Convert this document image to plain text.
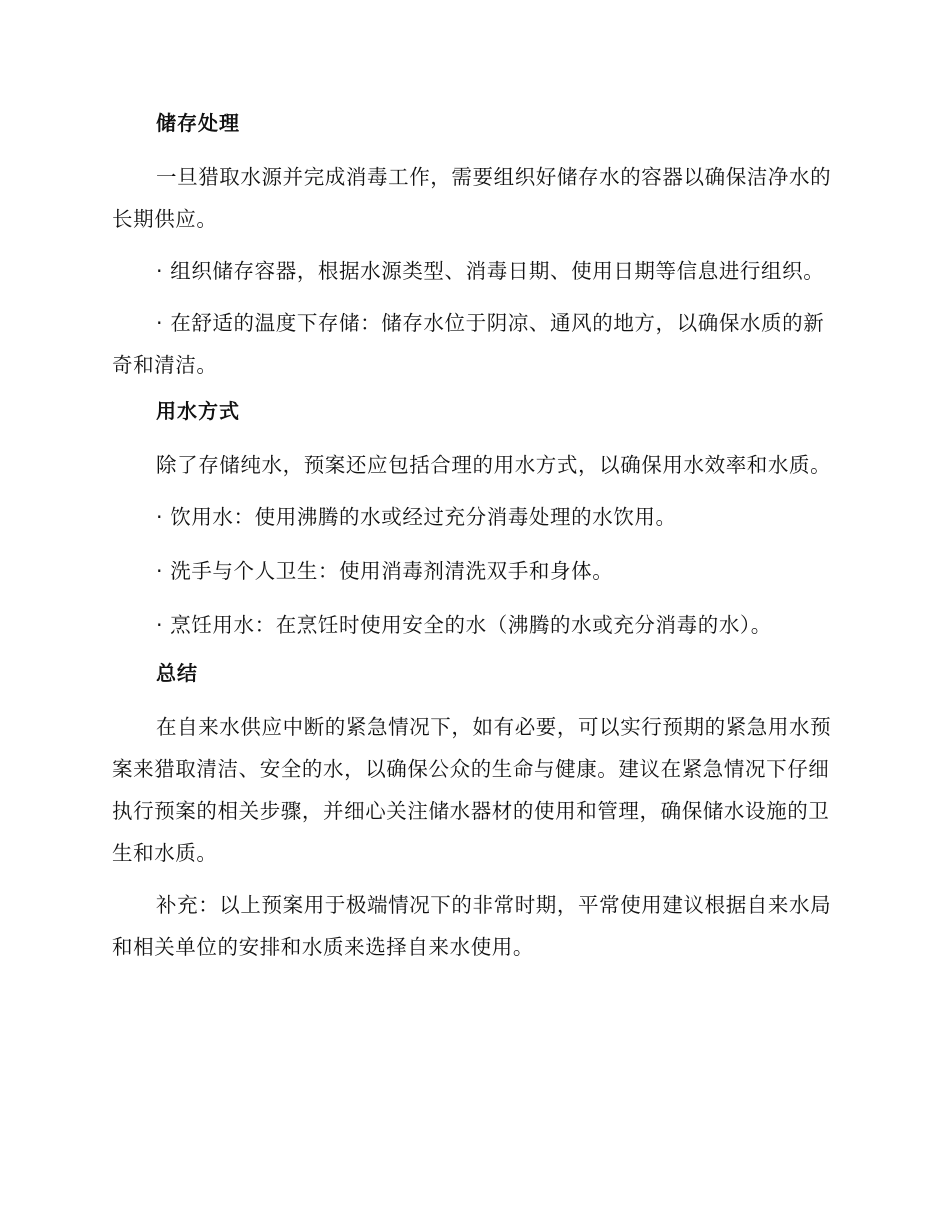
储存处理

一旦猎取水源并完成消毒工作，需要组织好储存水的容器以确保洁净水的长期供应。

· 组织储存容器，根据水源类型、消毒日期、使用日期等信息进行组织。

· 在舒适的温度下存储：储存水位于阴凉、通风的地方，以确保水质的新奇和清洁。

用水方式

除了存储纯水，预案还应包括合理的用水方式，以确保用水效率和水质。

· 饮用水：使用沸腾的水或经过充分消毒处理的水饮用。

· 洗手与个人卫生：使用消毒剂清洗双手和身体。

· 烹饪用水：在烹饪时使用安全的水（沸腾的水或充分消毒的水）。

总结

在自来水供应中断的紧急情况下，如有必要，可以实行预期的紧急用水预案来猎取清洁、安全的水，以确保公众的生命与健康。建议在紧急情况下仔细执行预案的相关步骤，并细心关注储水器材的使用和管理，确保储水设施的卫生和水质。

补充：以上预案用于极端情况下的非常时期，平常使用建议根据自来水局和相关单位的安排和水质来选择自来水使用。
